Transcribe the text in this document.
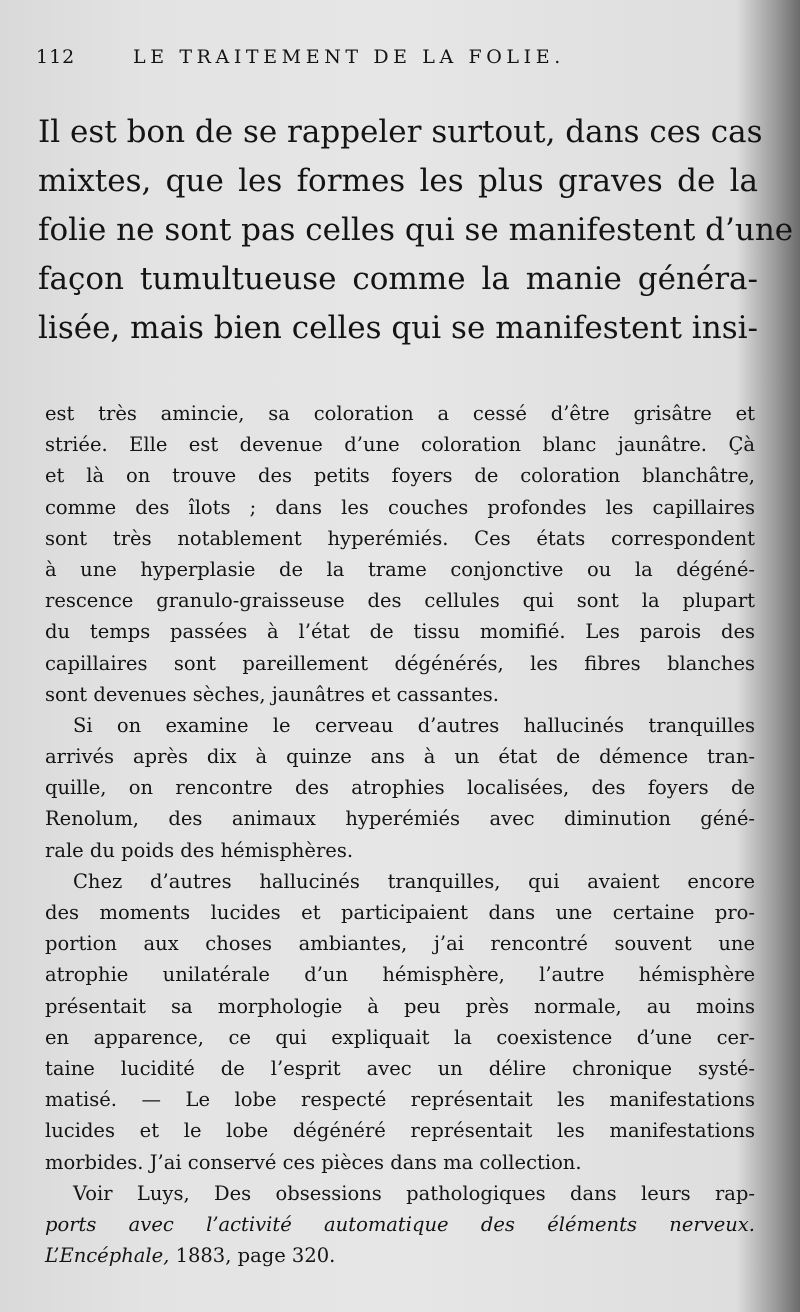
112	LE TRAITEMENT DE LA FOLIE.
Il est bon de se rappeler surtout, dans ces cas
mixtes, que les formes les plus graves de la
folie ne sont pas celles qui se manifestent d’une
façon tumultueuse comme la manie généra-
lisée, mais bien celles qui se manifestent insi-
est très amincie, sa coloration a cessé d’être grisâtre et
striée. Elle est devenue d’une coloration blanc jaunâtre. Çà
et là on trouve des petits foyers de coloration blanchâtre,
comme des îlots ; dans les couches profondes les capillaires
sont très notablement hyperémiés. Ces états correspondent
à une hyperplasie de la trame conjonctive ou la dégéné-
rescence granulo-graisseuse des cellules qui sont la plupart
du temps passées à l’état de tissu momifié. Les parois des
capillaires sont pareillement dégénérés, les fibres blanches
sont devenues sèches, jaunâtres et cassantes.
Si on examine le cerveau d’autres hallucinés tranquilles
arrivés après dix à quinze ans à un état de démence tran-
quille, on rencontre des atrophies localisées, des foyers de
Renolum, des animaux hyperémiés avec diminution géné-
rale du poids des hémisphères.
Chez d’autres hallucinés tranquilles, qui avaient encore
des moments lucides et participaient dans une certaine pro-
portion aux choses ambiantes, j’ai rencontré souvent une
atrophie unilatérale d’un hémisphère, l’autre hémisphère
présentait sa morphologie à peu près normale, au moins
en apparence, ce qui expliquait la coexistence d’une cer-
taine lucidité de l’esprit avec un délire chronique systé-
matisé. — Le lobe respecté représentait les manifestations
lucides et le lobe dégénéré représentait les manifestations
morbides. J’ai conservé ces pièces dans ma collection.
Voir Luys, Des obsessions pathologiques dans leurs rap-
ports avec l’activité automatique des éléments nerveux.
L’Encéphale, 1883, page 320.
